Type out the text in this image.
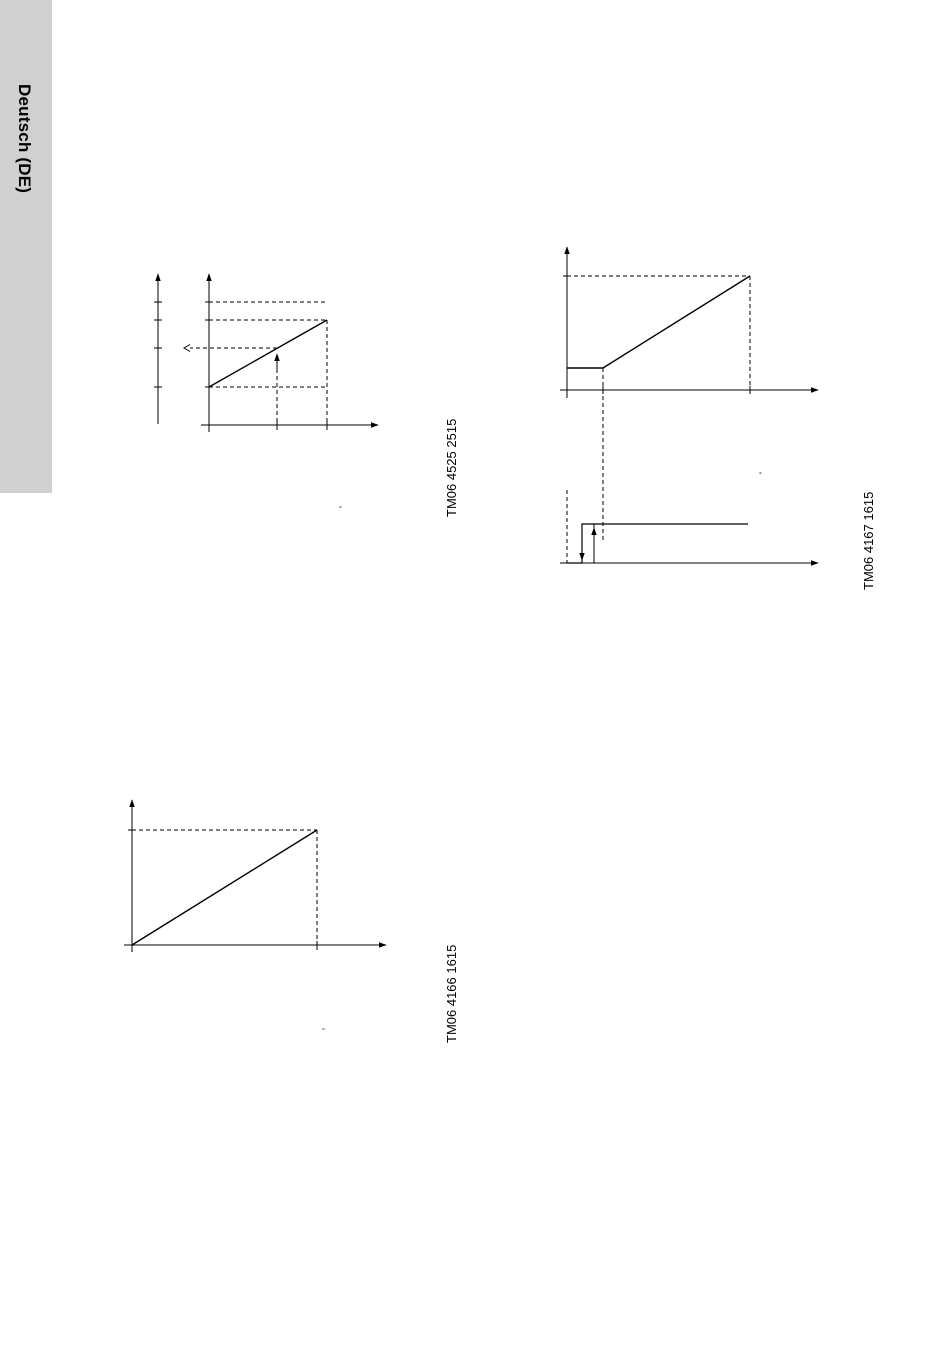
Deutsch (DE)
°	TM06 4525 2515	°
TM06 4167 1615
°	TM06 4166 1615
